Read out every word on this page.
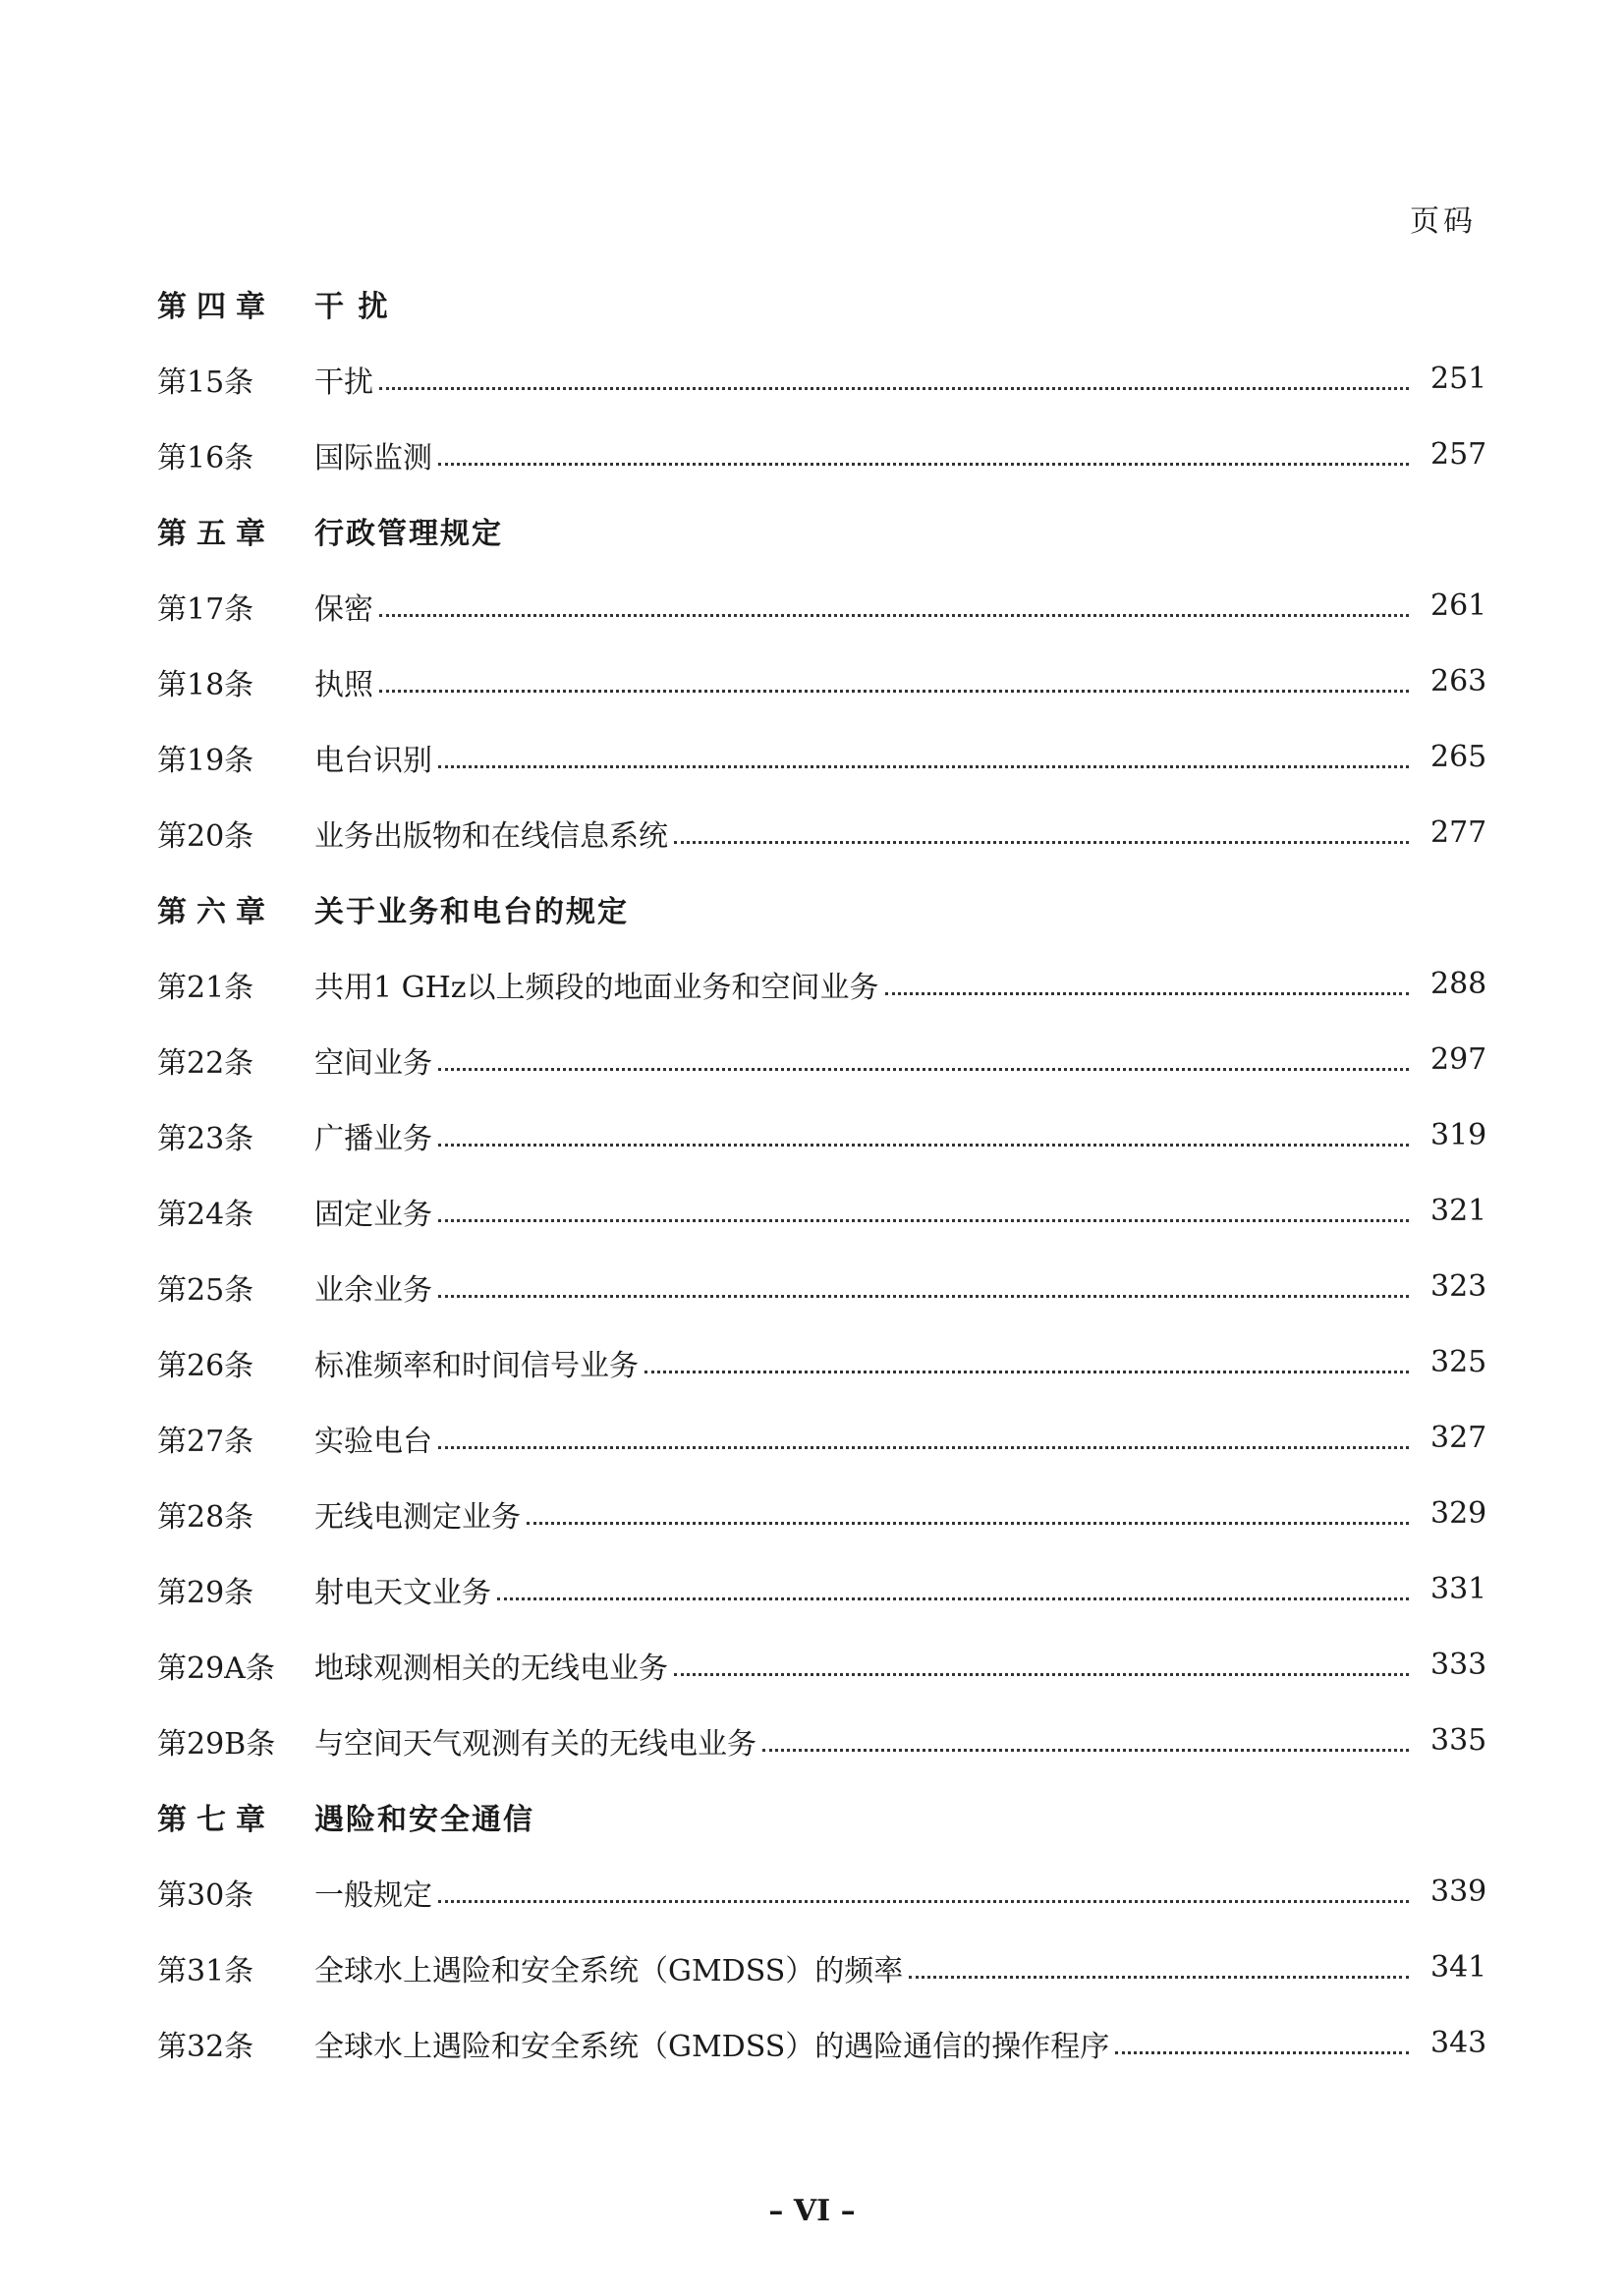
页码
第四章	干 扰
第15条	干扰	251
第16条	国际监测	257
第五章	行政管理规定
第17条	保密	261
第18条	执照	263
第19条	电台识别	265
第20条	业务出版物和在线信息系统	277
第六章	关于业务和电台的规定
第21条	共用1 GHz以上频段的地面业务和空间业务	288
第22条	空间业务	297
第23条	广播业务	319
第24条	固定业务	321
第25条	业余业务	323
第26条	标准频率和时间信号业务	325
第27条	实验电台	327
第28条	无线电测定业务	329
第29条	射电天文业务	331
第29A条	地球观测相关的无线电业务	333
第29B条	与空间天气观测有关的无线电业务	335
第七章	遇险和安全通信
第30条	一般规定	339
第31条	全球水上遇险和安全系统（GMDSS）的频率	341
第32条	全球水上遇险和安全系统（GMDSS）的遇险通信的操作程序	343
– VI –
